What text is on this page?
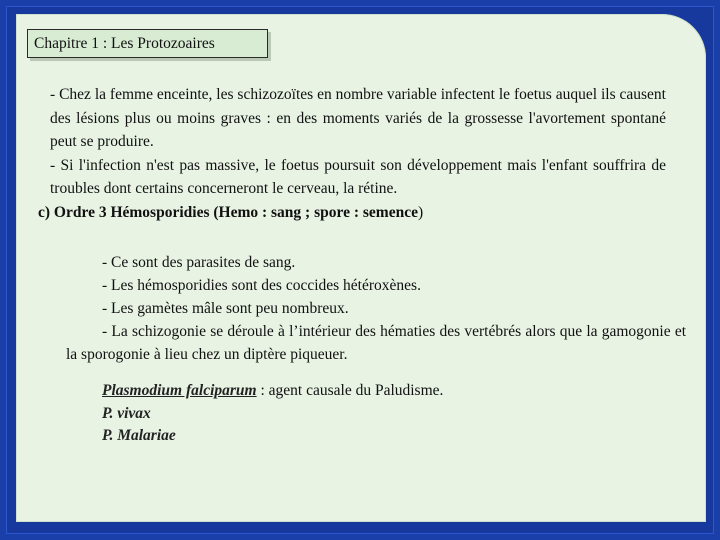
Chapitre 1 : Les Protozoaires

- Chez la femme enceinte, les schizozoïtes en nombre variable infectent le foetus auquel ils causent des lésions plus ou moins graves : en des moments variés de la grossesse l'avortement spontané peut se produire.

- Si l'infection n'est pas massive, le foetus poursuit son développement mais l'enfant souffrira de troubles dont certains concerneront le cerveau, la rétine.

c) Ordre 3 Hémosporidies (Hemo : sang ; spore : semence)

- Ce sont des parasites de sang.

- Les hémosporidies sont des coccides hétéroxènes.

- Les gamètes mâle sont peu nombreux.

- La schizogonie se déroule à l’intérieur des hématies des vertébrés alors que la gamogonie et la sporogonie à lieu chez un diptère piqueuer.

Plasmodium falciparum : agent causale du Paludisme.

P. vivax

P. Malariae
